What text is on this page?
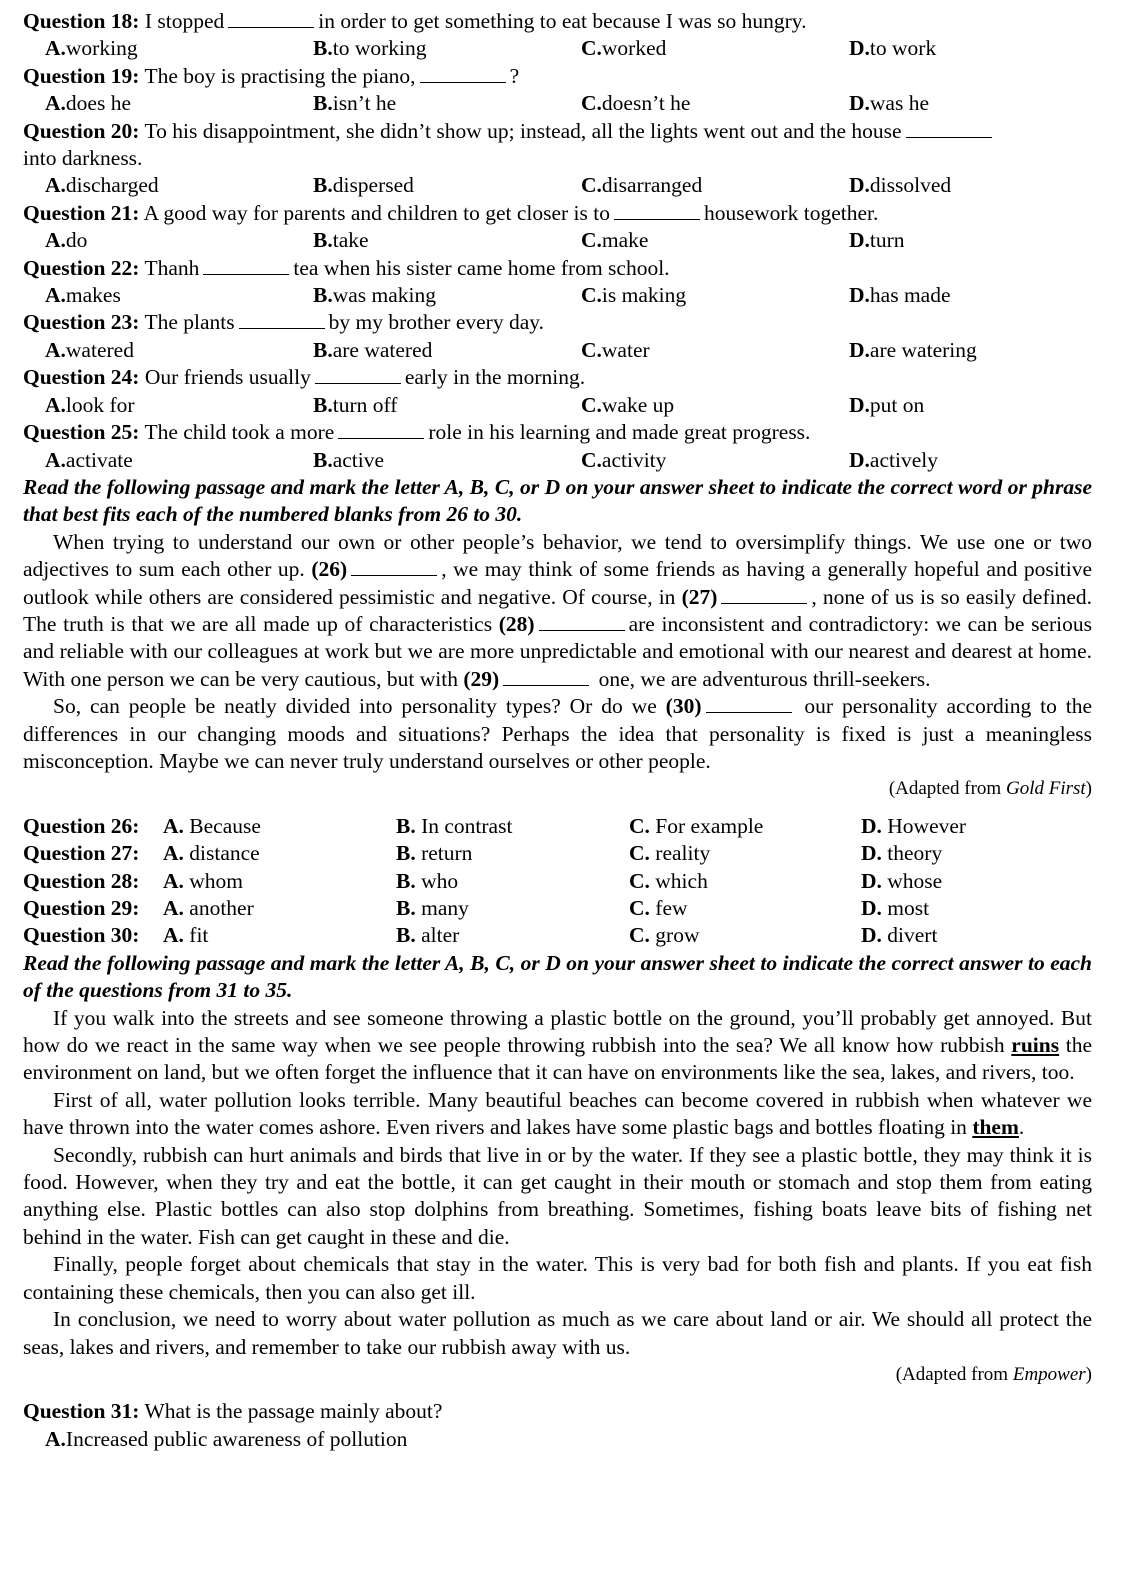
Question 18: I stopped	in order to get something to eat because I was so hungry.
A.working	B.to working	C.worked	D.to work
Question 19: The boy is practising the piano,	?
A.does he	B.isn’t he	C.doesn’t he	D.was he
Question 20: To his disappointment, she didn’t show up; instead, all the lights went out and the house
into darkness.
A.discharged	B.dispersed	C.disarranged	D.dissolved
Question 21: A good way for parents and children to get closer is to	housework together.
A.do	B.take	C.make	D.turn
Question 22: Thanh	tea when his sister came home from school.
A.makes	B.was making	C.is making	D.has made
Question 23: The plants	by my brother every day.
A.watered	B.are watered	C.water	D.are watering
Question 24: Our friends usually	early in the morning.
A.look for	B.turn off	C.wake up	D.put on
Question 25: The child took a more	role in his learning and made great progress.
A.activate	B.active	C.activity	D.actively
Read the following passage and mark the letter A, B, C, or D on your answer sheet to indicate the correct word or phrase that best fits each of the numbered blanks from 26 to 30.
When trying to understand our own or other people’s behavior, we tend to oversimplify things. We use one or two adjectives to sum each other up. (26)	, we may think of some friends as having a generally hopeful and positive outlook while others are considered pessimistic and negative. Of course, in (27)	, none of us is so easily defined. The truth is that we are all made up of characteristics (28)	are inconsistent and contradictory: we can be serious and reliable with our colleagues at work but we are more unpredictable and emotional with our nearest and dearest at home. With one person we can be very cautious, but with (29)	one, we are adventurous thrill-seekers.
So, can people be neatly divided into personality types? Or do we (30)	our personality according to the differences in our changing moods and situations? Perhaps the idea that personality is fixed is just a meaningless misconception. Maybe we can never truly understand ourselves or other people.
(Adapted from Gold First)
Question 26:	A. Because	B. In contrast	C. For example	D. However
Question 27:	A. distance	B. return	C. reality	D. theory
Question 28:	A. whom	B. who	C. which	D. whose
Question 29:	A. another	B. many	C. few	D. most
Question 30:	A. fit	B. alter	C. grow	D. divert
Read the following passage and mark the letter A, B, C, or D on your answer sheet to indicate the correct answer to each of the questions from 31 to 35.
If you walk into the streets and see someone throwing a plastic bottle on the ground, you’ll probably get annoyed. But how do we react in the same way when we see people throwing rubbish into the sea? We all know how rubbish ruins the environment on land, but we often forget the influence that it can have on environments like the sea, lakes, and rivers, too.
First of all, water pollution looks terrible. Many beautiful beaches can become covered in rubbish when whatever we have thrown into the water comes ashore. Even rivers and lakes have some plastic bags and bottles floating in them.
Secondly, rubbish can hurt animals and birds that live in or by the water. If they see a plastic bottle, they may think it is food. However, when they try and eat the bottle, it can get caught in their mouth or stomach and stop them from eating anything else. Plastic bottles can also stop dolphins from breathing. Sometimes, fishing boats leave bits of fishing net behind in the water. Fish can get caught in these and die.
Finally, people forget about chemicals that stay in the water. This is very bad for both fish and plants. If you eat fish containing these chemicals, then you can also get ill.
In conclusion, we need to worry about water pollution as much as we care about land or air. We should all protect the seas, lakes and rivers, and remember to take our rubbish away with us.
(Adapted from Empower)
Question 31: What is the passage mainly about?
A. Increased public awareness of pollution
